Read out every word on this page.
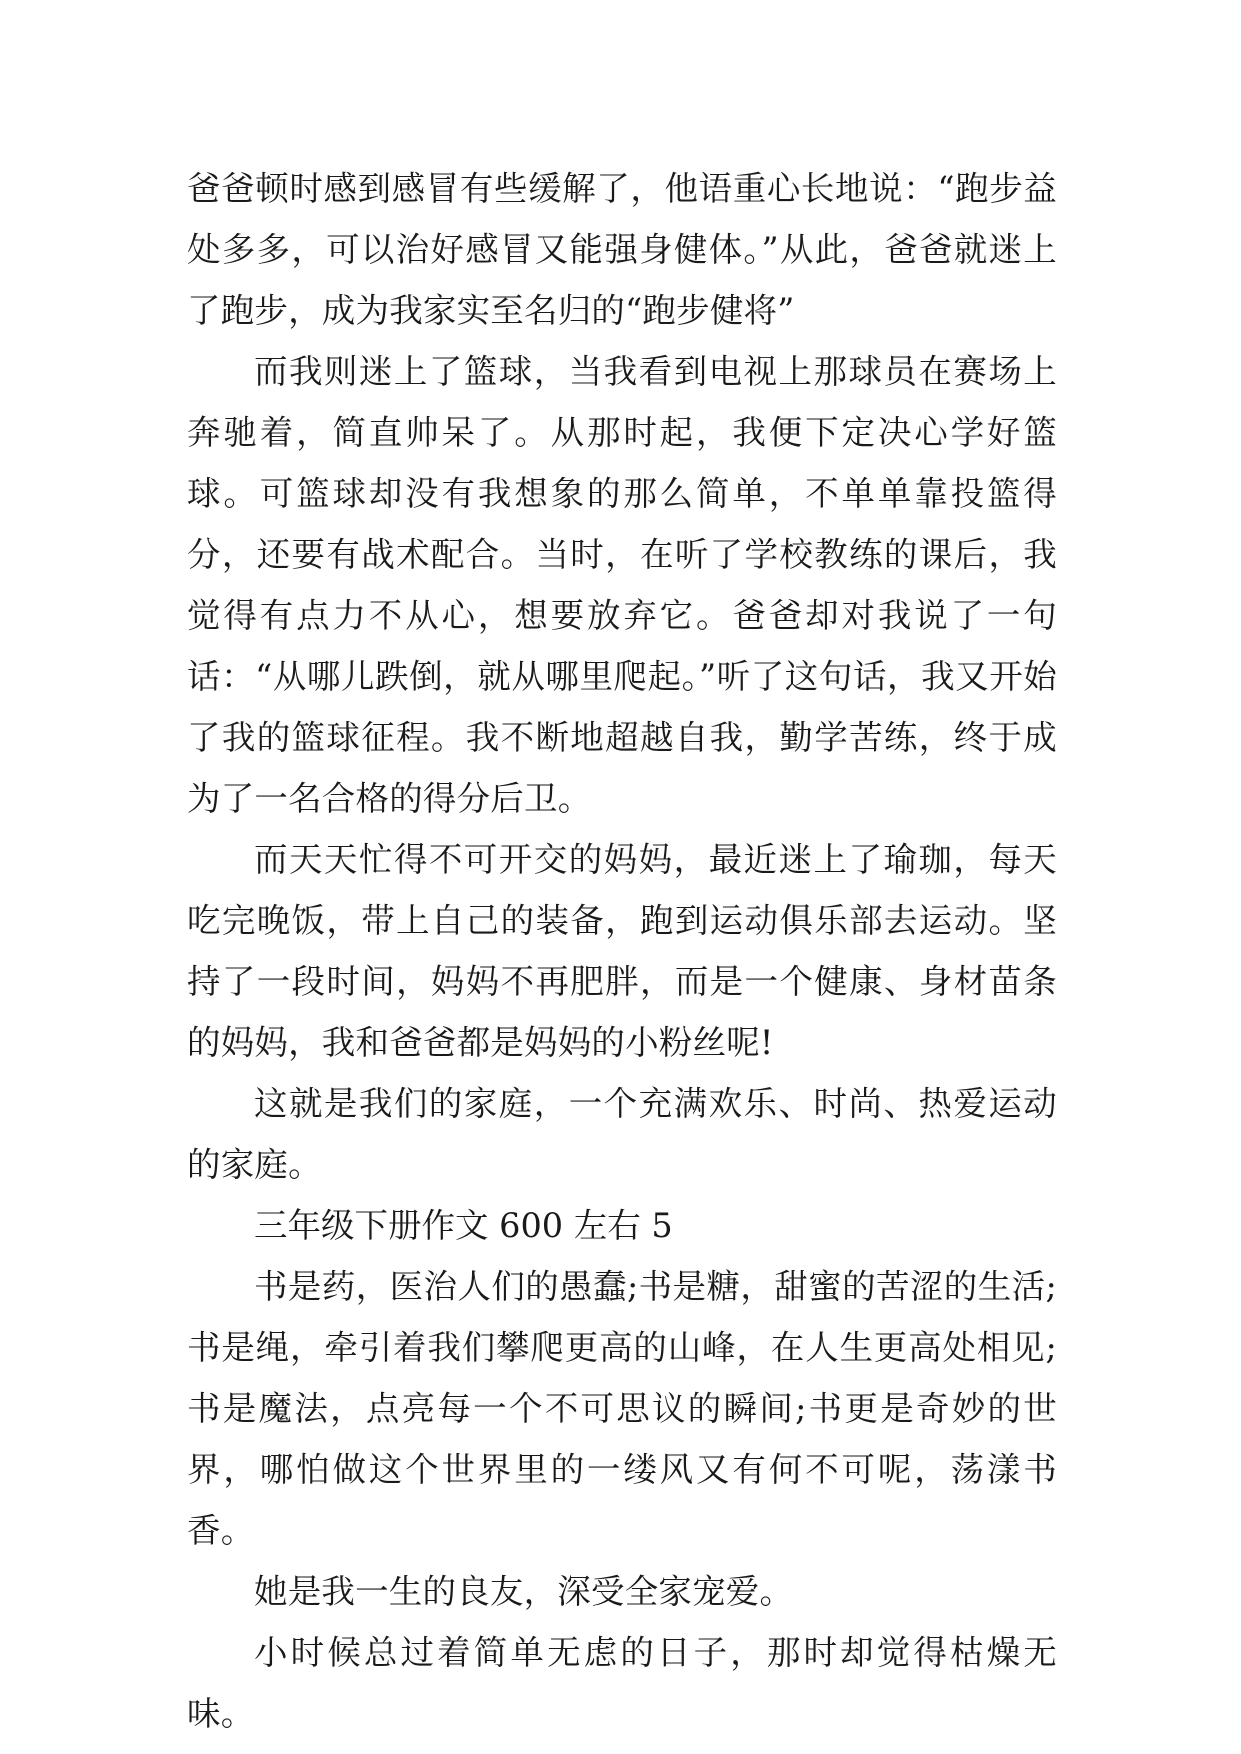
爸爸顿时感到感冒有些缓解了，他语重心长地说：“跑步益处多多，可以治好感冒又能强身健体。”从此，爸爸就迷上了跑步，成为我家实至名归的“跑步健将”

而我则迷上了篮球，当我看到电视上那球员在赛场上奔驰着，简直帅呆了。从那时起，我便下定决心学好篮球。可篮球却没有我想象的那么简单，不单单靠投篮得分，还要有战术配合。当时，在听了学校教练的课后，我觉得有点力不从心，想要放弃它。爸爸却对我说了一句话：“从哪儿跌倒，就从哪里爬起。”听了这句话，我又开始了我的篮球征程。我不断地超越自我，勤学苦练，终于成为了一名合格的得分后卫。

而天天忙得不可开交的妈妈，最近迷上了瑜珈，每天吃完晚饭，带上自己的装备，跑到运动俱乐部去运动。坚持了一段时间，妈妈不再肥胖，而是一个健康、身材苗条的妈妈，我和爸爸都是妈妈的小粉丝呢!

这就是我们的家庭，一个充满欢乐、时尚、热爱运动的家庭。

三年级下册作文 600 左右 5

书是药，医治人们的愚蠢;书是糖，甜蜜的苦涩的生活;书是绳，牵引着我们攀爬更高的山峰，在人生更高处相见;书是魔法，点亮每一个不可思议的瞬间;书更是奇妙的世界，哪怕做这个世界里的一缕风又有何不可呢，荡漾书香。

她是我一生的良友，深受全家宠爱。

小时候总过着简单无虑的日子，那时却觉得枯燥无味。
